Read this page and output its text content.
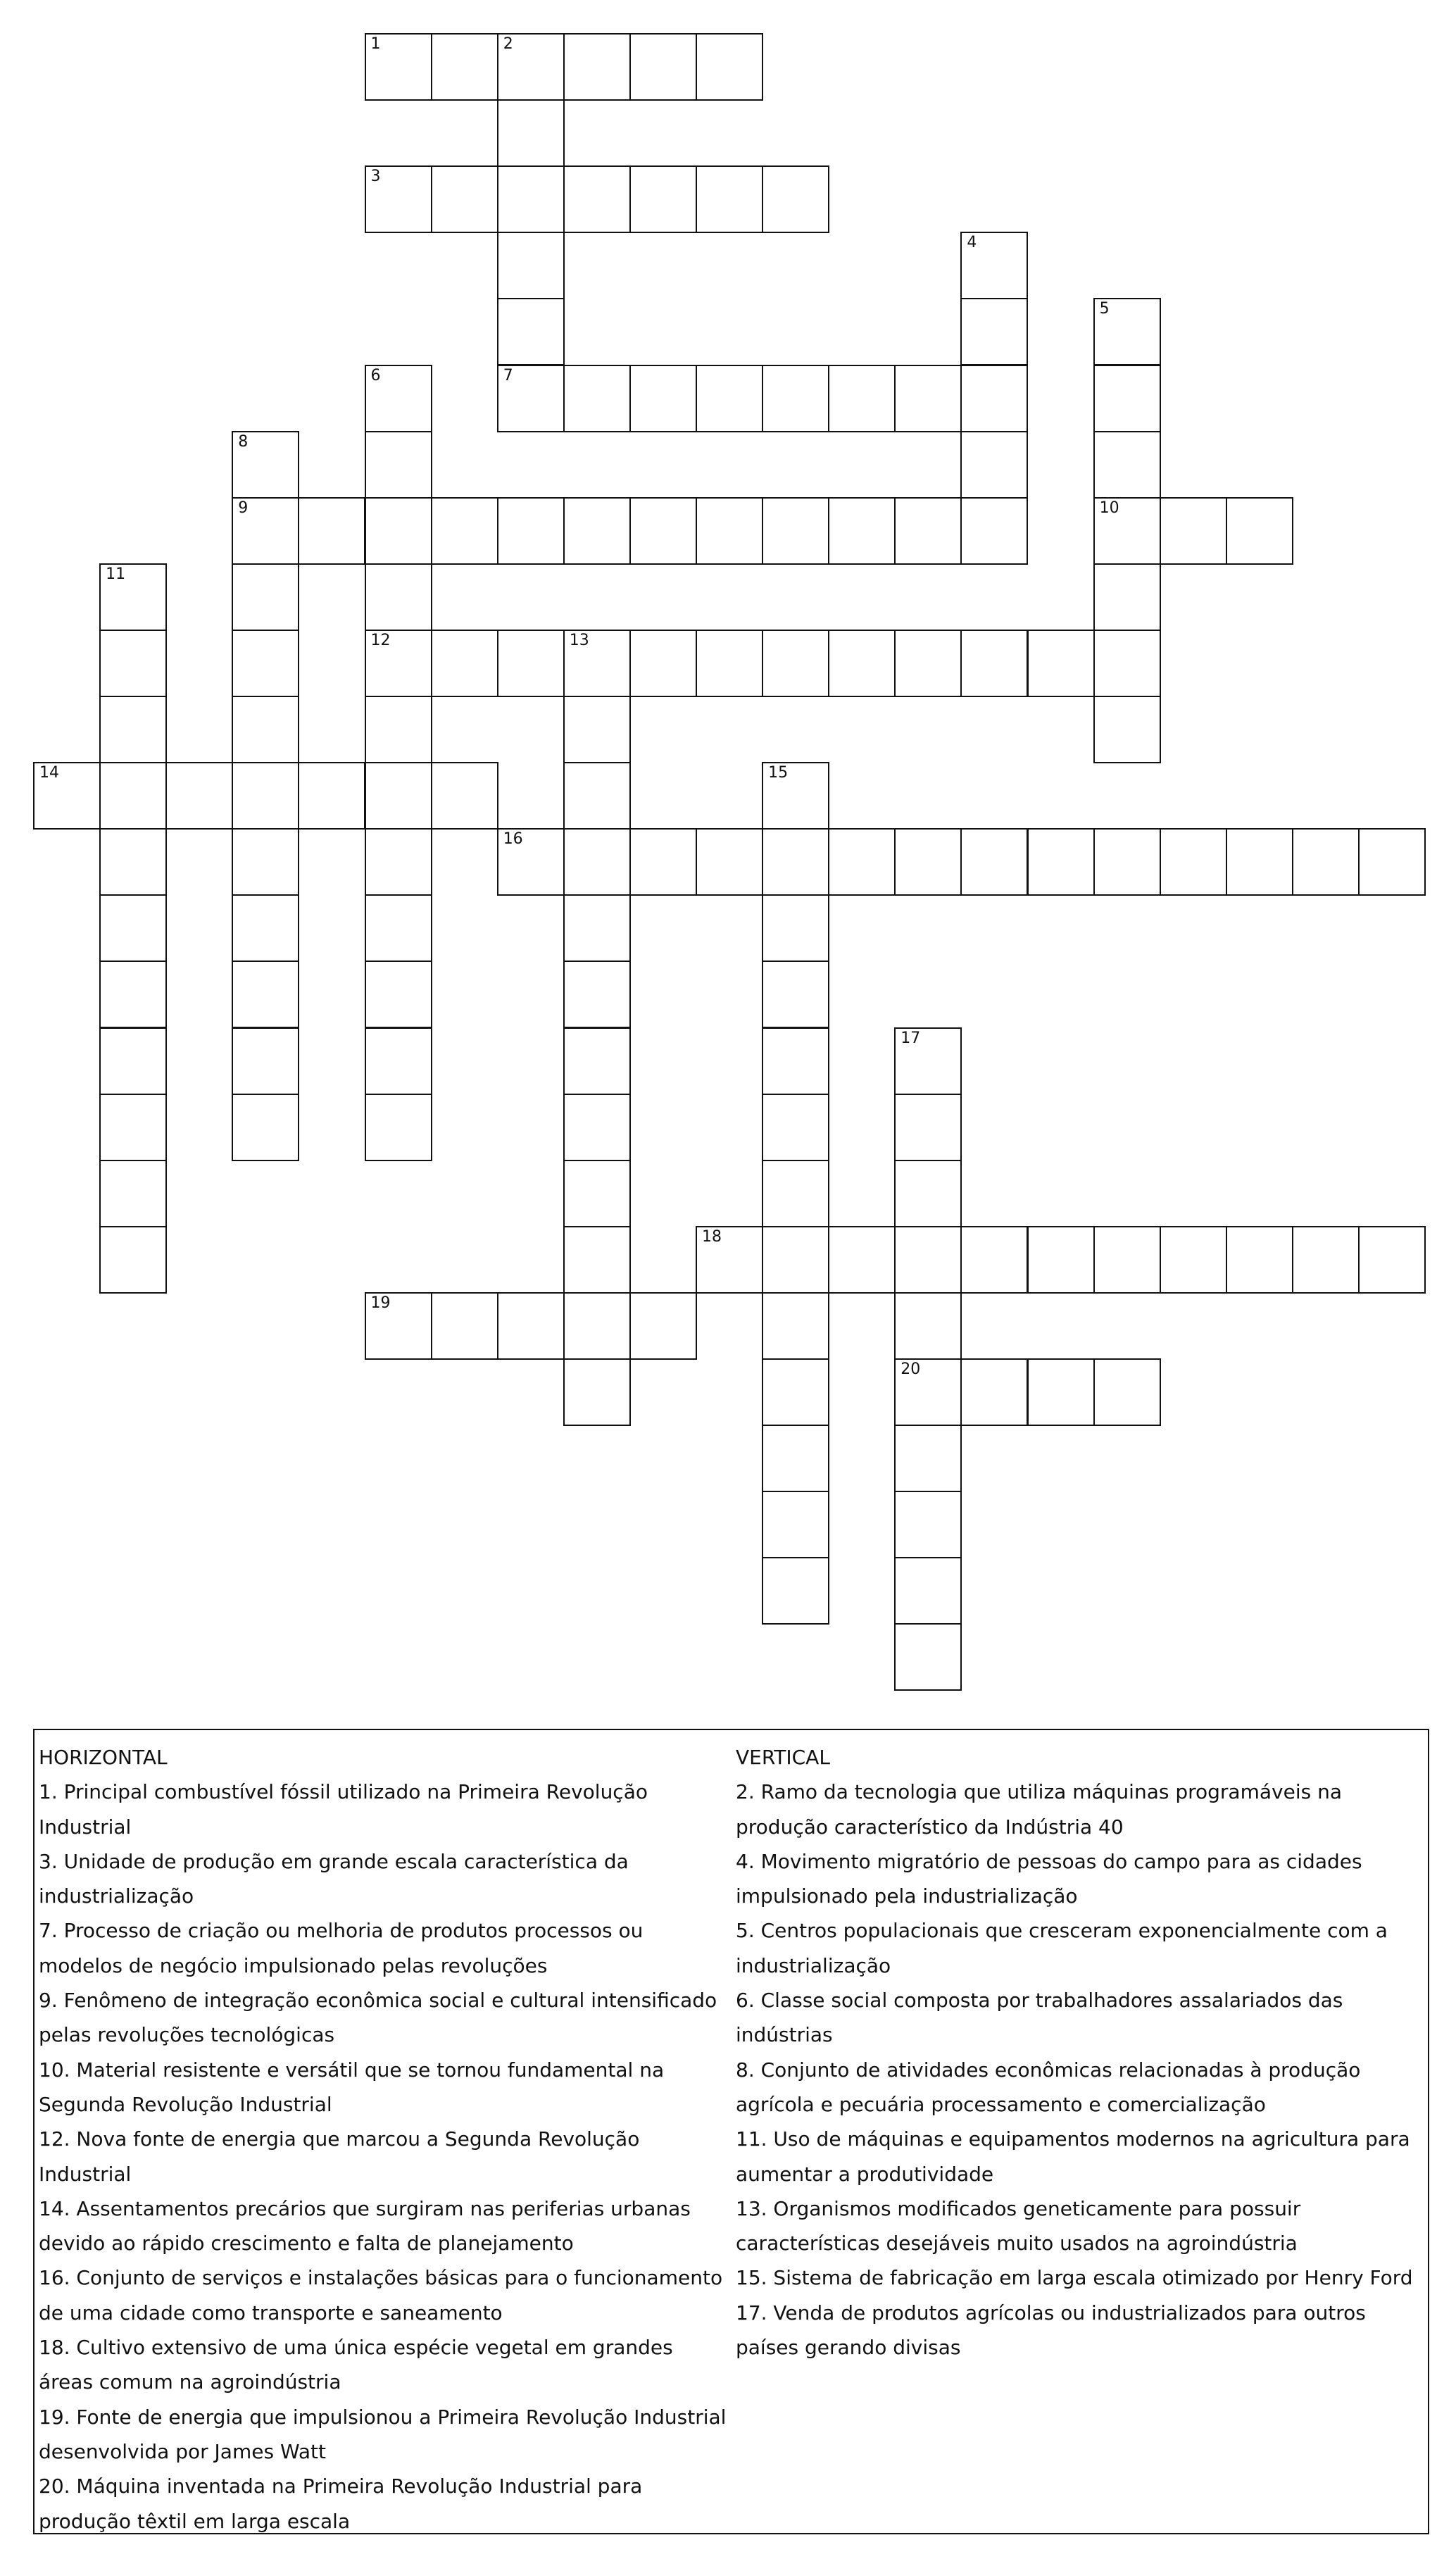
1	2
7
3
4
5
10
6
12
8
9
11
13
14	15
16
17
20
18
19

HORIZONTAL

1. Principal combustível fóssil utilizado na Primeira Revolução Industrial

3. Unidade de produção em grande escala característica da industrialização

7. Processo de criação ou melhoria de produtos processos ou modelos de negócio impulsionado pelas revoluções

9. Fenômeno de integração econômica social e cultural intensificado pelas revoluções tecnológicas

10. Material resistente e versátil que se tornou fundamental na Segunda Revolução Industrial

12. Nova fonte de energia que marcou a Segunda Revolução Industrial

14. Assentamentos precários que surgiram nas periferias urbanas devido ao rápido crescimento e falta de planejamento

16. Conjunto de serviços e instalações básicas para o funcionamento de uma cidade como transporte e saneamento

18. Cultivo extensivo de uma única espécie vegetal em grandes áreas comum na agroindústria

19. Fonte de energia que impulsionou a Primeira Revolução Industrial desenvolvida por James Watt

20. Máquina inventada na Primeira Revolução Industrial para produção têxtil em larga escala

VERTICAL

2. Ramo da tecnologia que utiliza máquinas programáveis na produção característico da Indústria 40

4. Movimento migratório de pessoas do campo para as cidades impulsionado pela industrialização

5. Centros populacionais que cresceram exponencialmente com a industrialização

6. Classe social composta por trabalhadores assalariados das indústrias

8. Conjunto de atividades econômicas relacionadas à produção agrícola e pecuária processamento e comercialização

11. Uso de máquinas e equipamentos modernos na agricultura para aumentar a produtividade

13. Organismos modificados geneticamente para possuir características desejáveis muito usados na agroindústria

15. Sistema de fabricação em larga escala otimizado por Henry Ford

17. Venda de produtos agrícolas ou industrializados para outros países gerando divisas
